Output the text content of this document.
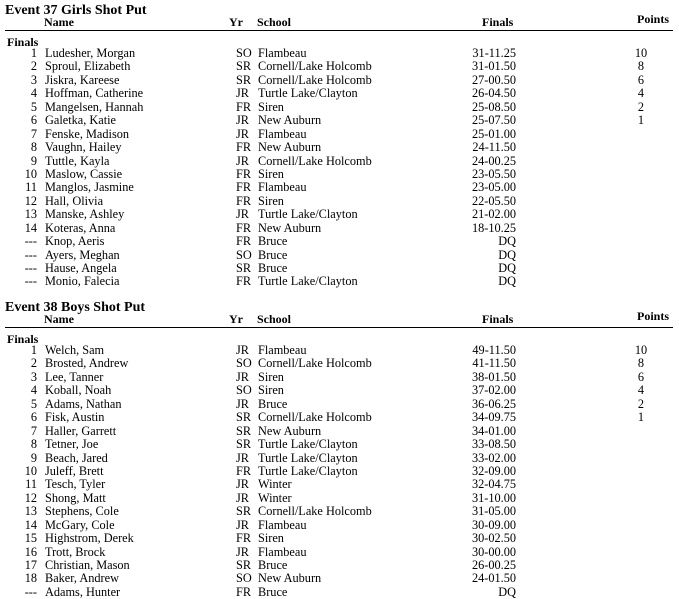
Event 37 Girls Shot Put
Name	Yr School	Finals	Points
Finals
1 Ludesher, Morgan	SO Flambeau	31-11.25	10
2 Sproul, Elizabeth	SR Cornell/Lake Holcomb	31-01.50	8
3 Jiskra, Kareese	SR Cornell/Lake Holcomb	27-00.50	6
4 Hoffman, Catherine	JR Turtle Lake/Clayton	26-04.50	4
5 Mangelsen, Hannah	FR Siren	25-08.50	2
6 Galetka, Katie	JR New Auburn	25-07.50	1
7 Fenske, Madison	JR Flambeau	25-01.00
8 Vaughn, Hailey	FR New Auburn	24-11.50
9 Tuttle, Kayla	JR Cornell/Lake Holcomb	24-00.25
10 Maslow, Cassie	FR Siren	23-05.50
11 Manglos, Jasmine	FR Flambeau	23-05.00
12 Hall, Olivia	FR Siren	22-05.50
13 Manske, Ashley	JR Turtle Lake/Clayton	21-02.00
14 Koteras, Anna	FR New Auburn	18-10.25
--- Knop, Aeris	FR Bruce	DQ
--- Ayers, Meghan	SO Bruce	DQ
--- Hause, Angela	SR Bruce	DQ
--- Monio, Falecia	FR Turtle Lake/Clayton	DQ
Event 38 Boys Shot Put
Name	Yr School	Finals	Points
Finals
1 Welch, Sam	JR Flambeau	49-11.50	10
2 Brosted, Andrew	SO Cornell/Lake Holcomb	41-11.50	8
3 Lee, Tanner	JR Siren	38-01.50	6
4 Koball, Noah	SO Siren	37-02.00	4
5 Adams, Nathan	JR Bruce	36-06.25	2
6 Fisk, Austin	SR Cornell/Lake Holcomb	34-09.75	1
7 Haller, Garrett	SR New Auburn	34-01.00
8 Tetner, Joe	SR Turtle Lake/Clayton	33-08.50
9 Beach, Jared	JR Turtle Lake/Clayton	33-02.00
10 Juleff, Brett	FR Turtle Lake/Clayton	32-09.00
11 Tesch, Tyler	JR Winter	32-04.75
12 Shong, Matt	JR Winter	31-10.00
13 Stephens, Cole	SR Cornell/Lake Holcomb	31-05.00
14 McGary, Cole	JR Flambeau	30-09.00
15 Highstrom, Derek	FR Siren	30-02.50
16 Trott, Brock	JR Flambeau	30-00.00
17 Christian, Mason	SR Bruce	26-00.25
18 Baker, Andrew	SO New Auburn	24-01.50
--- Adams, Hunter	FR Bruce	DQ
